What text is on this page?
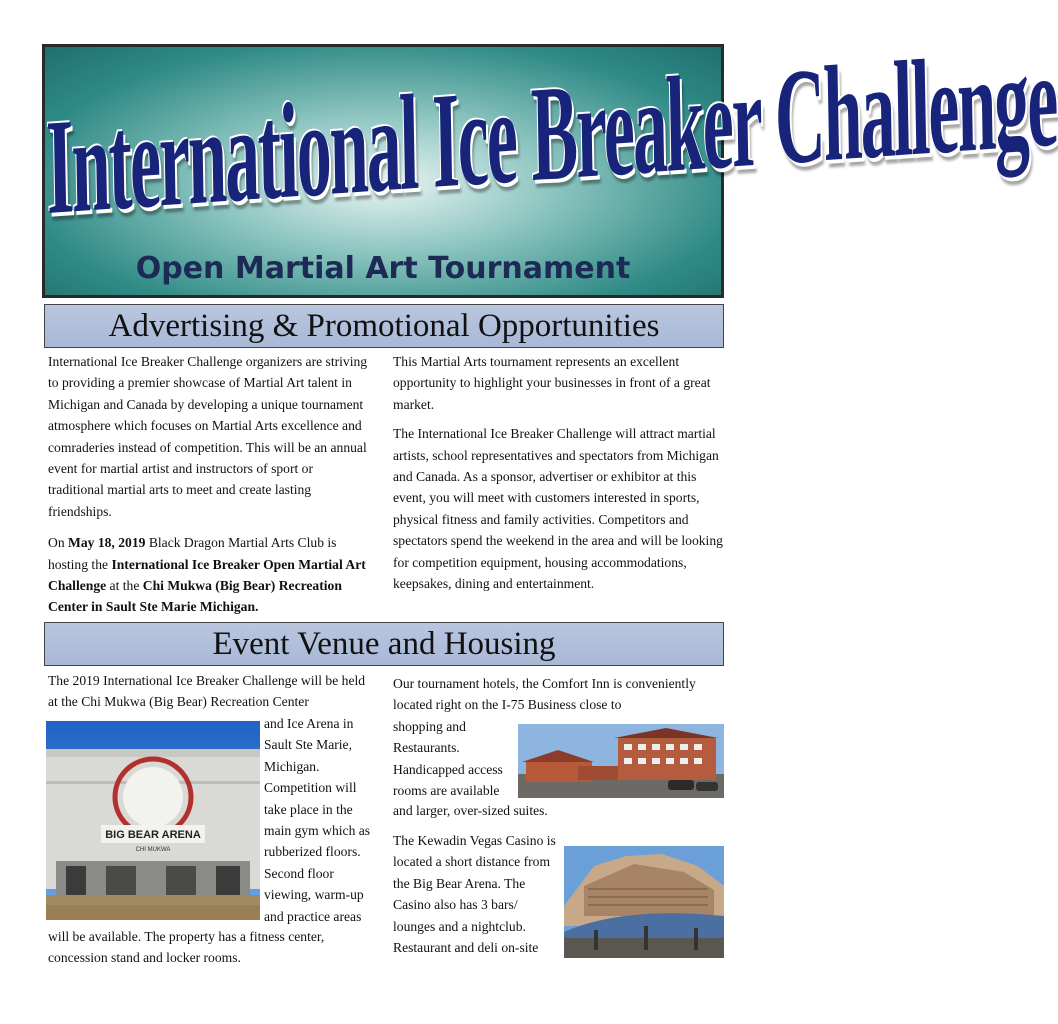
International Ice Breaker Challenge
Open Martial Art Tournament
Advertising & Promotional Opportunities

International Ice Breaker Challenge organizers are striving to providing a premier showcase of Martial Art talent in Michigan and Canada by developing a unique tournament atmosphere which focuses on Martial Arts excellence and comraderies instead of competition. This will be an annual event for martial artist and instructors of sport or traditional martial arts to meet and create lasting friendships.

On May 18, 2019 Black Dragon Martial Arts Club is hosting the International Ice Breaker Open Martial Art Challenge at the Chi Mukwa (Big Bear) Recreation Center in Sault Ste Marie Michigan.

This Martial Arts tournament represents an excellent opportunity to highlight your businesses in front of a great market.

The International Ice Breaker Challenge will attract martial artists, school representatives and spectators from Michigan and Canada. As a sponsor, advertiser or exhibitor at this event, you will meet with customers interested in sports, physical fitness and family activities. Competitors and spectators spend the weekend in the area and will be looking for competition equipment, housing accommodations, keepsakes, dining and entertainment.

Event Venue and Housing
The 2019 International Ice Breaker Challenge will be held at the Chi Mukwa (Big Bear) Recreation Center
and Ice Arena in Sault Ste Marie, Michigan. Competition will take place in the main gym which as rubberized floors. Second floor viewing, warm-up and practice areas
will be available. The property has a fitness center, concession stand and locker rooms.
BIG BEAR ARENA
CHI MUKWA
Our tournament hotels, the Comfort Inn is conveniently located right on the I-75 Business close to
shopping and Restaurants. Handicapped access rooms are available
and larger, over-sized suites.
The Kewadin Vegas Casino is located a short distance from the Big Bear Arena. The Casino also has 3 bars/ lounges and a nightclub. Restaurant and deli on-site
